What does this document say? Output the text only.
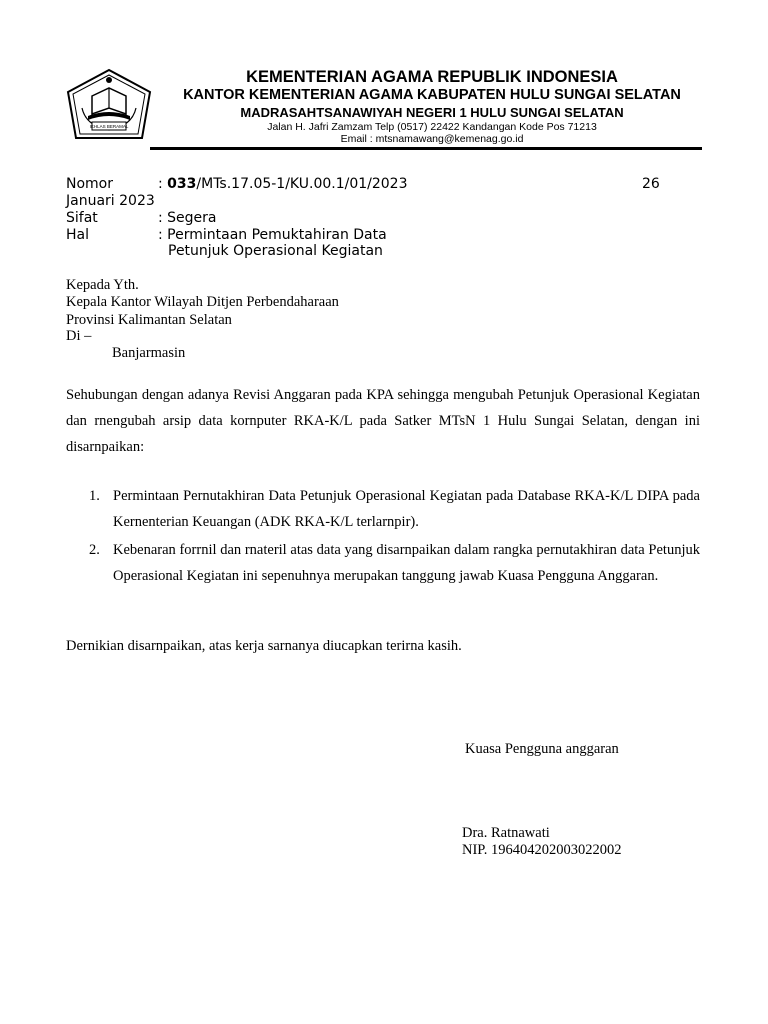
IKHLAS BERAMAL
KEMENTERIAN AGAMA REPUBLIK INDONESIA
KANTOR KEMENTERIAN AGAMA KABUPATEN HULU SUNGAI SELATAN
MADRASAHTSANAWIYAH NEGERI 1 HULU SUNGAI SELATAN
Jalan H. Jafri Zamzam Telp (0517) 22422 Kandangan Kode Pos 71213
Email : mtsnamawang@kemenag.go.id
Nomor	: 033/MTs.17.05-1/KU.00.1/01/2023	26
Januari 2023
Sifat	: Segera
Hal	: Permintaan Pemuktahiran Data
Petunjuk Operasional Kegiatan
Kepada Yth.
Kepala Kantor Wilayah Ditjen Perbendaharaan
Provinsi Kalimantan Selatan
Di –
Banjarmasin
Sehubungan dengan adanya Revisi Anggaran pada KPA sehingga mengubah Petunjuk Operasional Kegiatan dan rnengubah arsip data kornputer RKA-K/L pada Satker MTsN 1 Hulu Sungai Selatan, dengan ini disarnpaikan:
1. Permintaan Pernutakhiran Data Petunjuk Operasional Kegiatan pada Database RKA-K/L DIPA pada Kernenterian Keuangan (ADK RKA-K/L terlarnpir).
2. Kebenaran forrnil dan rnateril atas data yang disarnpaikan dalam rangka pernutakhiran data Petunjuk Operasional Kegiatan ini sepenuhnya merupakan tanggung jawab Kuasa Pengguna Anggaran.
Dernikian disarnpaikan, atas kerja sarnanya diucapkan terirna kasih.
Kuasa Pengguna anggaran
Dra. Ratnawati
NIP. 196404202003022002
